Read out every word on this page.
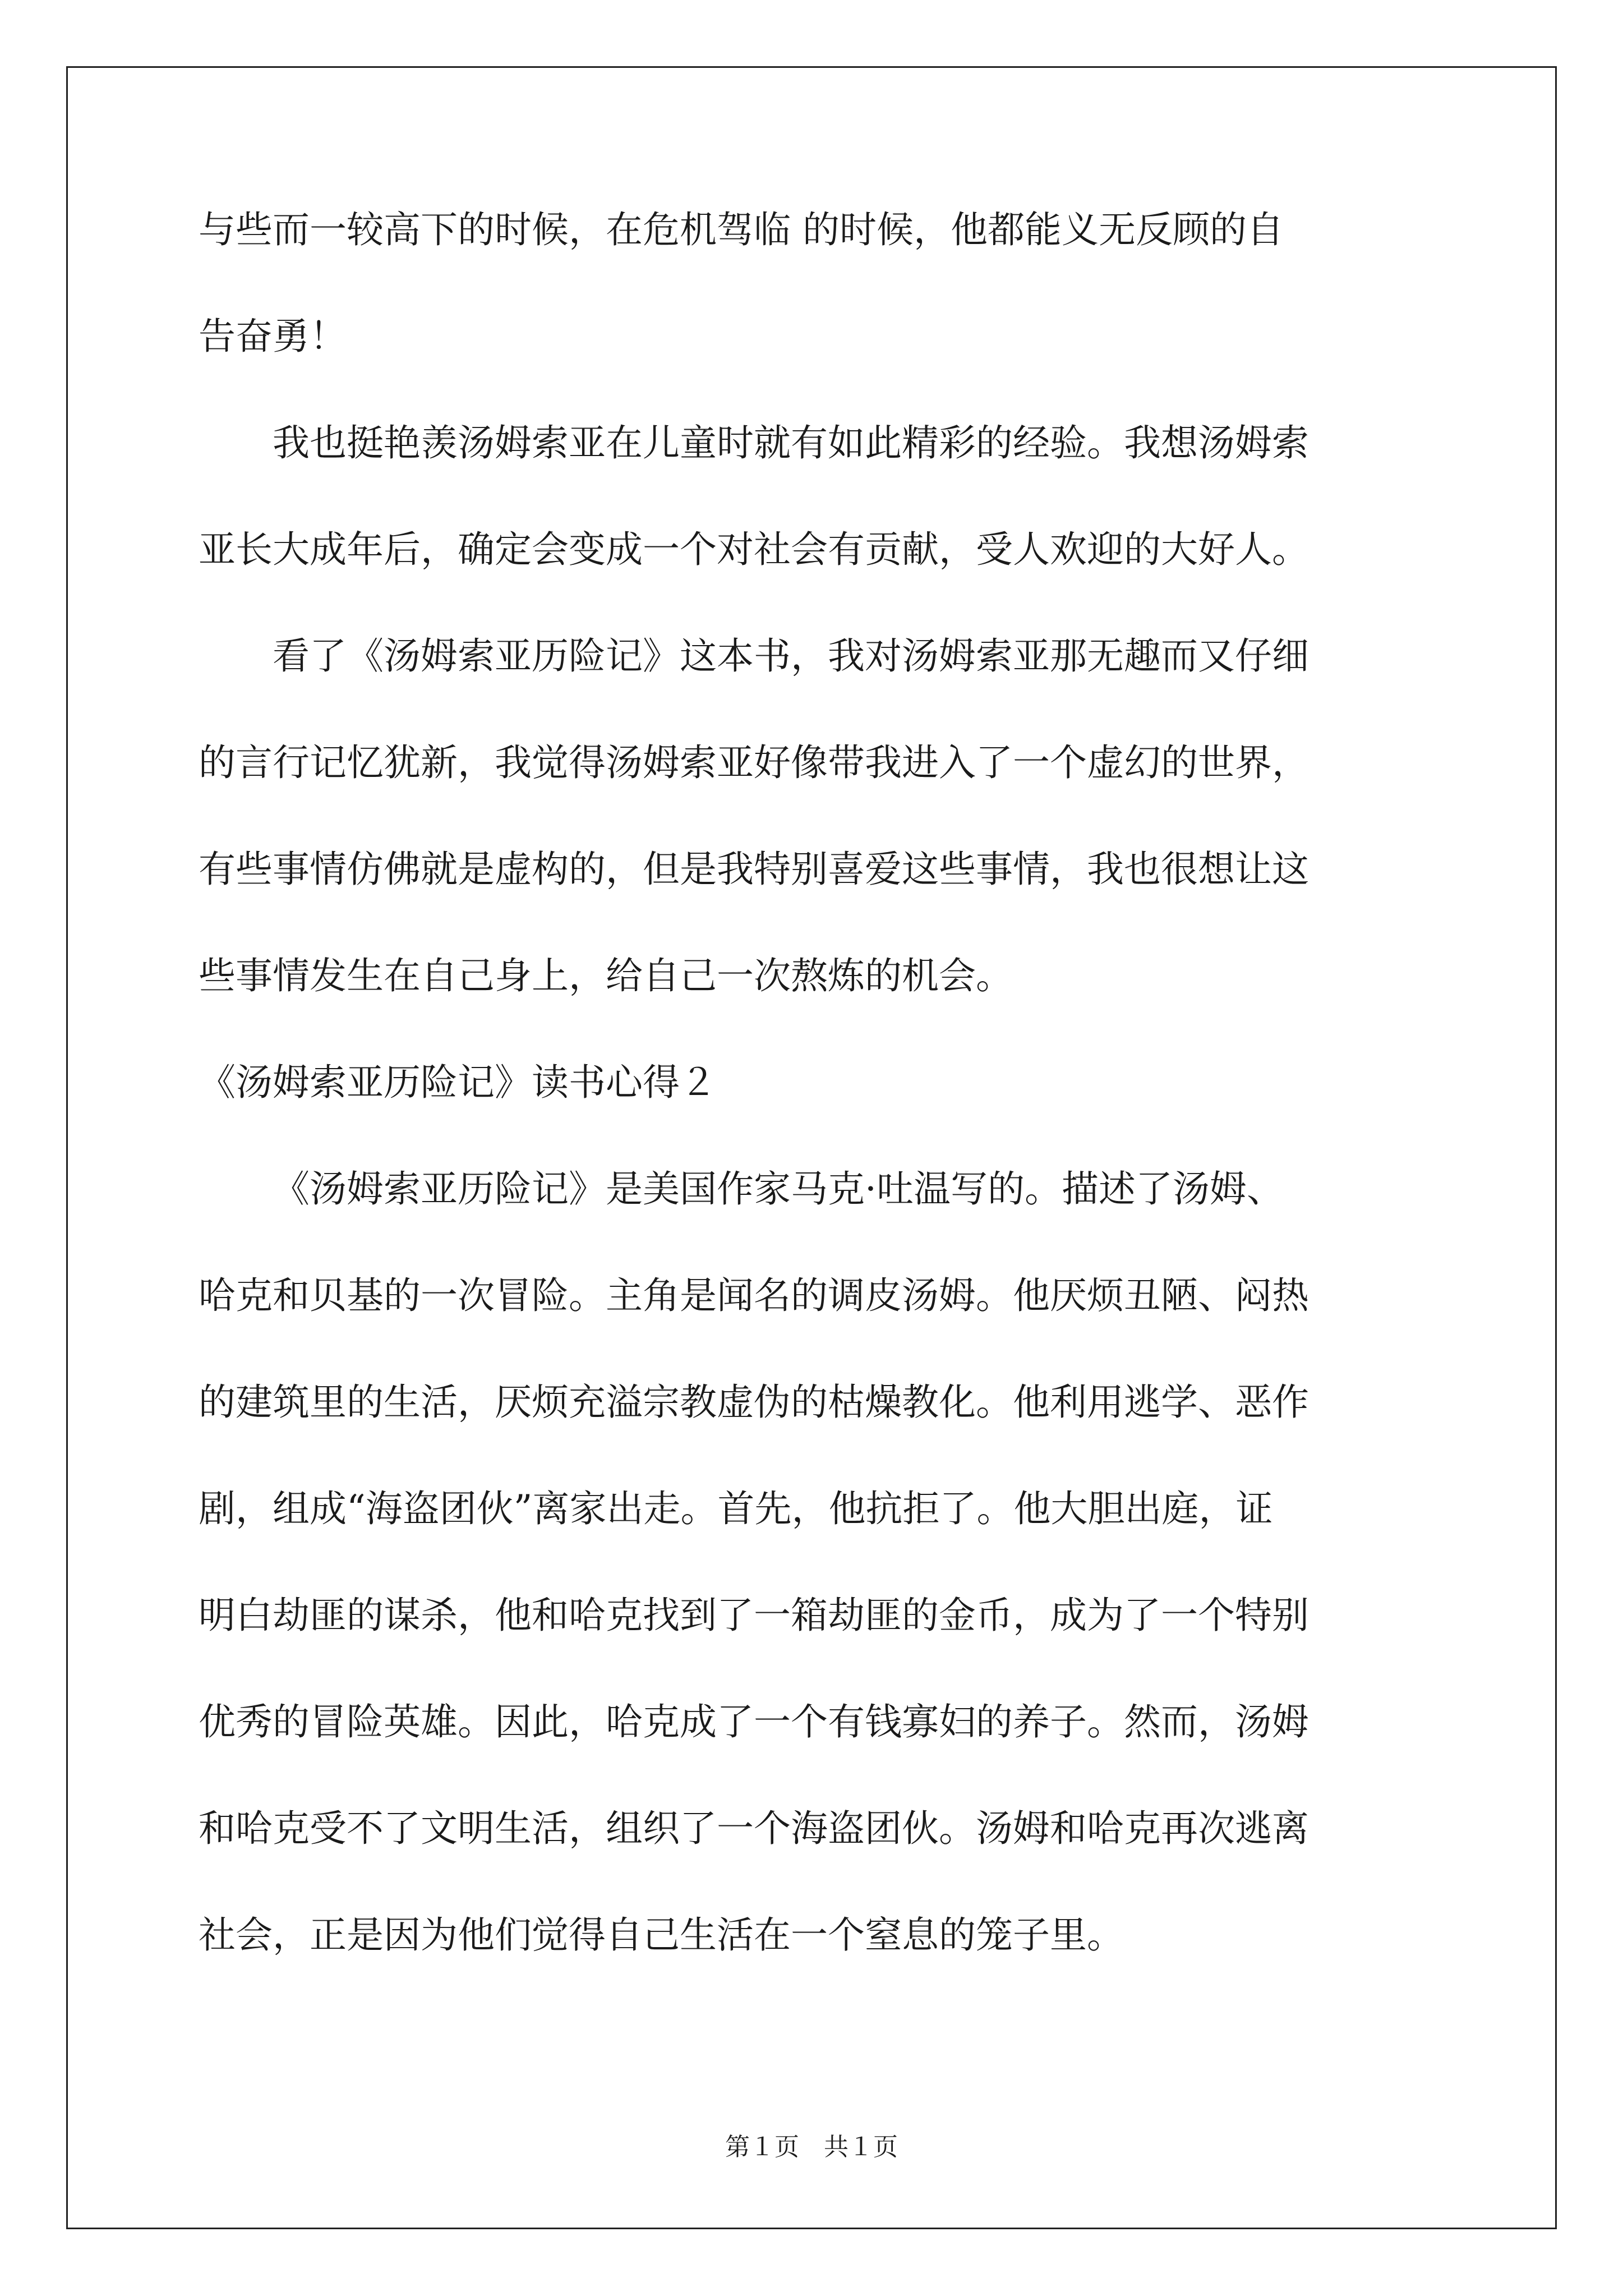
与些而一较高下的时候，在危机驾临 的时候，他都能义无反顾的自
告奋勇！
我也挺艳羡汤姆索亚在儿童时就有如此精彩的经验。我想汤姆索
亚长大成年后，确定会变成一个对社会有贡献，受人欢迎的大好人。
看了《汤姆索亚历险记》这本书，我对汤姆索亚那无趣而又仔细
的言行记忆犹新，我觉得汤姆索亚好像带我进入了一个虚幻的世界，
有些事情仿佛就是虚构的，但是我特别喜爱这些事情，我也很想让这
些事情发生在自己身上，给自己一次熬炼的机会。
《汤姆索亚历险记》读书心得２
《汤姆索亚历险记》是美国作家马克·吐温写的。描述了汤姆、
哈克和贝基的一次冒险。主角是闻名的调皮汤姆。他厌烦丑陋、闷热
的建筑里的生活，厌烦充溢宗教虚伪的枯燥教化。他利用逃学、恶作
剧，组成“海盗团伙”离家出走。首先，他抗拒了。他大胆出庭，证
明白劫匪的谋杀，他和哈克找到了一箱劫匪的金币，成为了一个特别
优秀的冒险英雄。因此，哈克成了一个有钱寡妇的养子。然而，汤姆
和哈克受不了文明生活，组织了一个海盗团伙。汤姆和哈克再次逃离
社会，正是因为他们觉得自己生活在一个窒息的笼子里。
第１页　共１页
